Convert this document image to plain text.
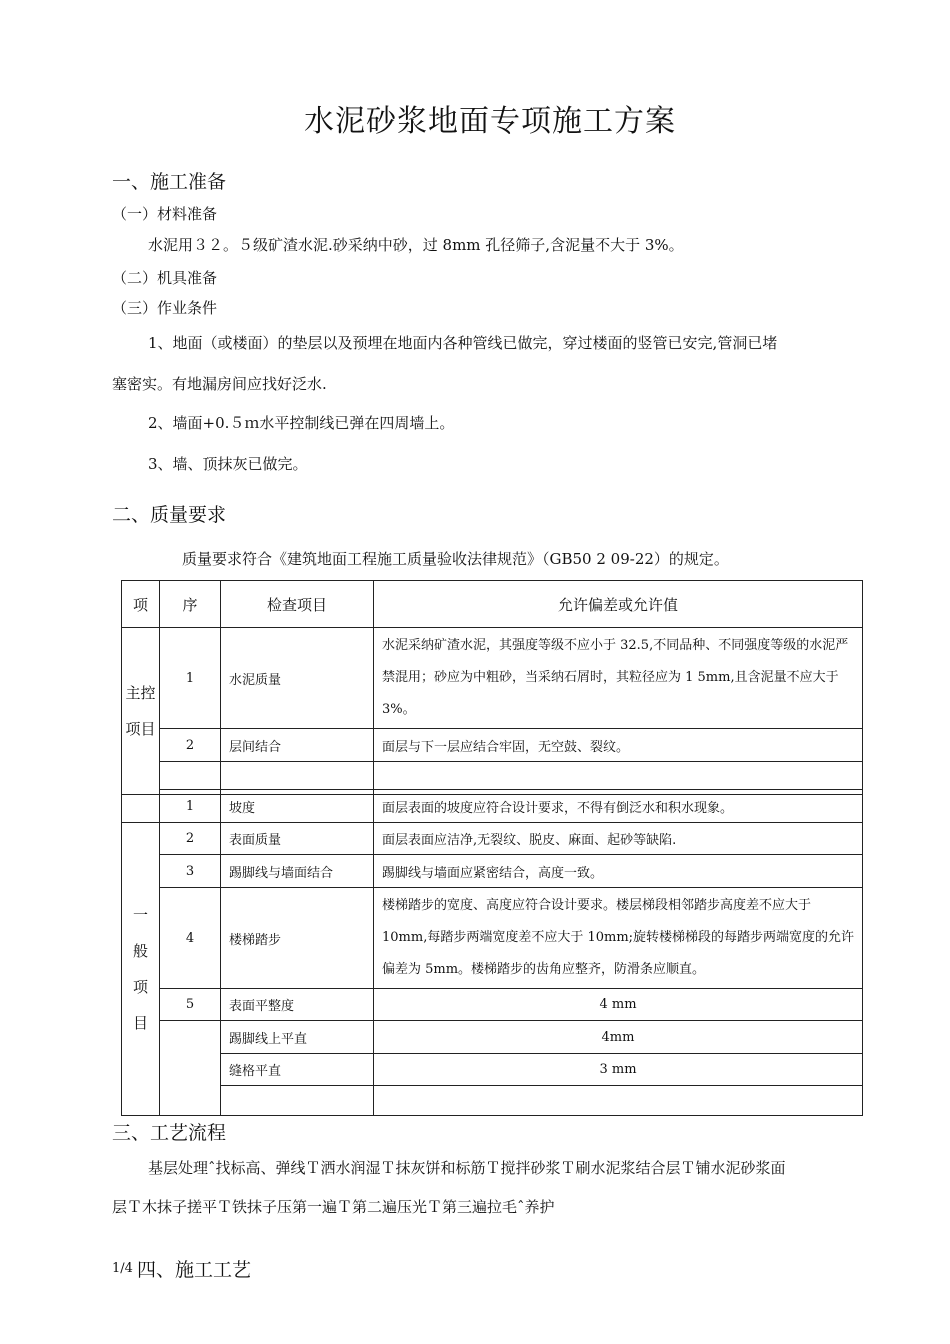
水泥砂浆地面专项施工方案
一、施工准备
（一）材料准备
水泥用３２。５级矿渣水泥.砂采纳中砂，过 8mm 孔径筛子,含泥量不大于 3%。
（二）机具准备
（三）作业条件
1、地面（或楼面）的垫层以及预埋在地面内各种管线已做完，穿过楼面的竖管已安完,管洞已堵
塞密实。有地漏房间应找好泛水.
2、墙面+0.５ｍ水平控制线已弹在四周墙上。
3、墙、顶抹灰已做完。
二、质量要求
质量要求符合《建筑地面工程施工质量验收法律规范》（GB50 2 09-22）的规定。
项	序	检查项目	允许偏差或允许值
主控项目	1	水泥质量	水泥采纳矿渣水泥，其强度等级不应小于 32.5,不同品种、不同强度等级的水泥严禁混用；砂应为中粗砂，当采纳石屑时，其粒径应为 1 5mm,且含泥量不应大于 3%。
	2	层间结合	面层与下一层应结合牢固，无空鼓、裂纹。

	1	坡度	面层表面的坡度应符合设计要求，不得有倒泛水和积水现象。
一般项目	2	表面质量	面层表面应洁净,无裂纹、脱皮、麻面、起砂等缺陷.
	3	踢脚线与墙面结合	踢脚线与墙面应紧密结合，高度一致。
	4	楼梯踏步	楼梯踏步的宽度、高度应符合设计要求。楼层梯段相邻踏步高度差不应大于 10mm,每踏步两端宽度差不应大于 10mm;旋转楼梯梯段的每踏步两端宽度的允许偏差为 5mm。楼梯踏步的齿角应整齐，防滑条应顺直。
	5	表面平整度	4 mm
		踢脚线上平直	4mm
		缝格平直	3 mm

三、工艺流程
基层处理ˆ找标高、弹线Ｔ洒水润湿Ｔ抹灰饼和标筋Ｔ搅拌砂浆Ｔ刷水泥浆结合层Ｔ铺水泥砂浆面
层Ｔ木抹子搓平Ｔ铁抹子压第一遍Ｔ第二遍压光Ｔ第三遍拉毛ˆ养护
1/4 四、施工工艺
